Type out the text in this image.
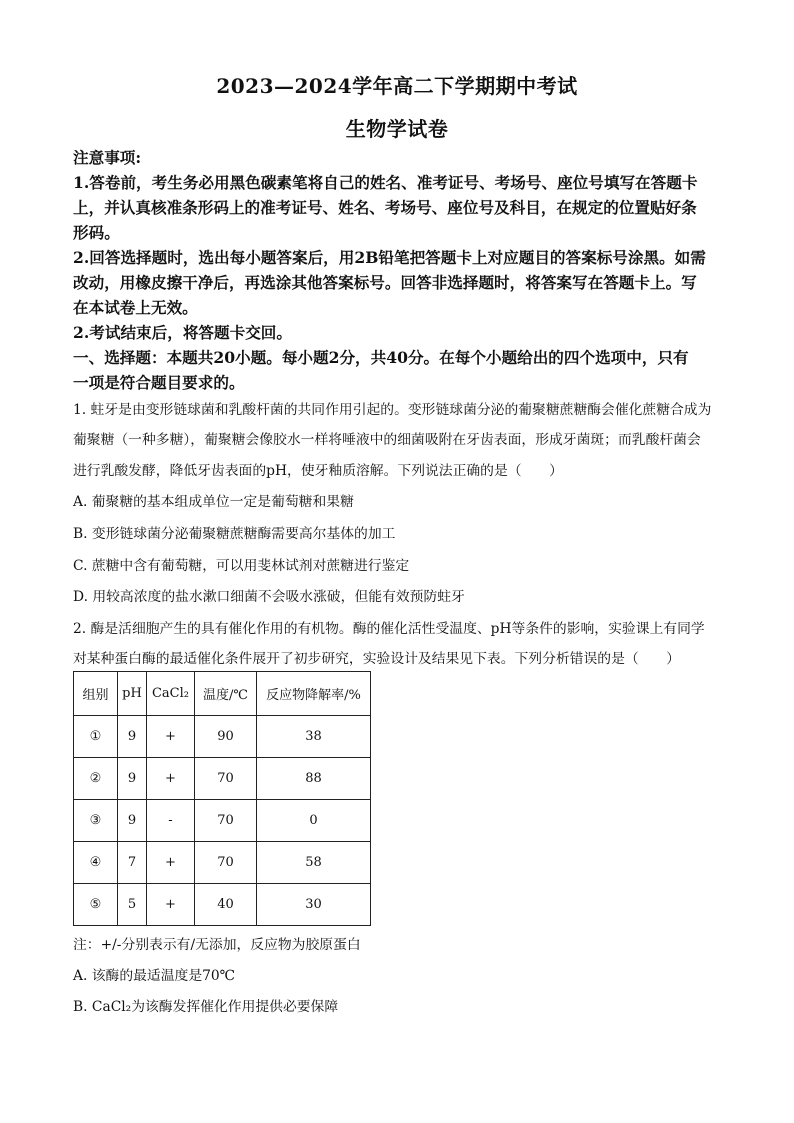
2023—2024学年高二下学期期中考试
生物学试卷
注意事项:
1.答卷前，考生务必用黑色碳素笔将自己的姓名、准考证号、考场号、座位号填写在答题卡
上，并认真核准条形码上的准考证号、姓名、考场号、座位号及科目，在规定的位置贴好条
形码。
2.回答选择题时，选出每小题答案后，用2B铅笔把答题卡上对应题目的答案标号涂黑。如需
改动，用橡皮擦干净后，再选涂其他答案标号。回答非选择题时，将答案写在答题卡上。写
在本试卷上无效。
2.考试结束后，将答题卡交回。
一、选择题：本题共20小题。每小题2分，共40分。在每个小题给出的四个选项中，只有
一项是符合题目要求的。
1. 蛀牙是由变形链球菌和乳酸杆菌的共同作用引起的。变形链球菌分泌的葡聚糖蔗糖酶会催化蔗糖合成为
葡聚糖（一种多糖），葡聚糖会像胶水一样将唾液中的细菌吸附在牙齿表面，形成牙菌斑；而乳酸杆菌会
进行乳酸发酵，降低牙齿表面的pH，使牙釉质溶解。下列说法正确的是（　　）
A. 葡聚糖的基本组成单位一定是葡萄糖和果糖
B. 变形链球菌分泌葡聚糖蔗糖酶需要高尔基体的加工
C. 蔗糖中含有葡萄糖，可以用斐林试剂对蔗糖进行鉴定
D. 用较高浓度的盐水漱口细菌不会吸水涨破，但能有效预防蛀牙
2. 酶是活细胞产生的具有催化作用的有机物。酶的催化活性受温度、pH等条件的影响，实验课上有同学
对某种蛋白酶的最适催化条件展开了初步研究，实验设计及结果见下表。下列分析错误的是（　　）
组别	pH	CaCl₂	温度/℃	反应物降解率/%
①	9	+	90	38
②	9	+	70	88
③	9	-	70	0
④	7	+	70	58
⑤	5	+	40	30
注：+/-分别表示有/无添加，反应物为胶原蛋白
A. 该酶的最适温度是70℃
B. CaCl₂为该酶发挥催化作用提供必要保障
